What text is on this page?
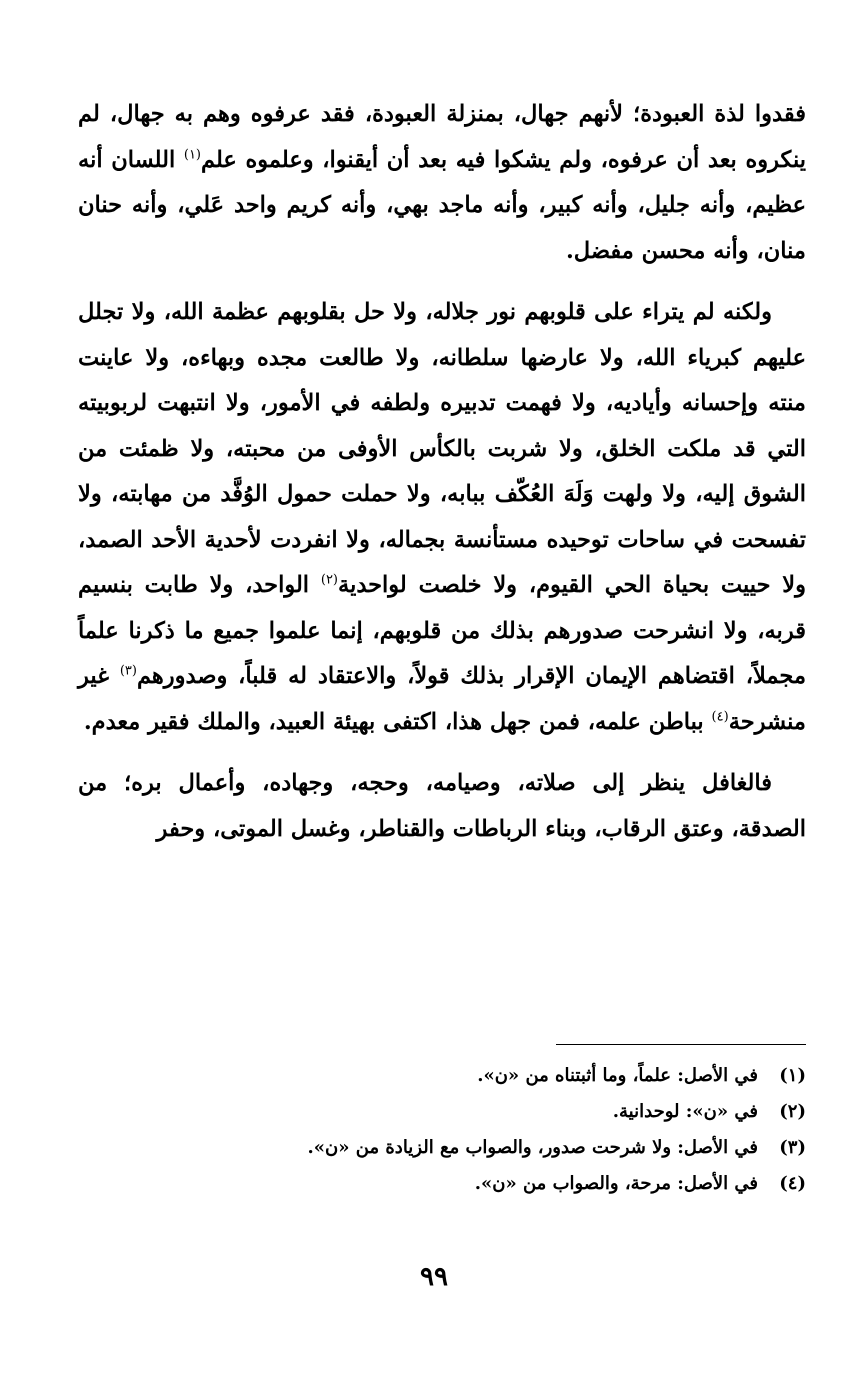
فقدوا لذة العبودة؛ لأنهم جهال، بمنزلة العبودة، فقد عرفوه وهم به جهال، لم ينكروه بعد أن عرفوه، ولم يشكوا فيه بعد أن أيقنوا، وعلموه علم$^{(١)}$ اللسان أنه عظيم، وأنه جليل، وأنه كبير، وأنه ماجد بهي، وأنه كريم واحد عَلي، وأنه حنان منان، وأنه محسن مفضل.

ولكنه لم يتراء على قلوبهم نور جلاله، ولا حل بقلوبهم عظمة الله، ولا تجلل عليهم كبرياء الله، ولا عارضها سلطانه، ولا طالعت مجده وبهاءه، ولا عاينت منته وإحسانه وأياديه، ولا فهمت تدبيره ولطفه في الأمور، ولا انتبهت لربوبيته التي قد ملكت الخلق، ولا شربت بالكأس الأوفى من محبته، ولا ظمئت من الشوق إليه، ولا ولهت وَلَهَ العُكّف ببابه، ولا حملت حمول الوُفَّد من مهابته، ولا تفسحت في ساحات توحيده مستأنسة بجماله، ولا انفردت لأحدية الأحد الصمد، ولا حييت بحياة الحي القيوم، ولا خلصت لواحدية$^{(٢)}$ الواحد، ولا طابت بنسيم قربه، ولا انشرحت صدورهم بذلك من قلوبهم، إنما علموا جميع ما ذكرنا علماً مجملاً، اقتضاهم الإيمان الإقرار بذلك قولاً، والاعتقاد له قلباً، وصدورهم$^{(٣)}$ غير منشرحة$^{(٤)}$ بباطن علمه، فمن جهل هذا، اكتفى بهيئة العبيد، والملك فقير معدم.

فالغافل ينظر إلى صلاته، وصيامه، وحجه، وجهاده، وأعمال بره؛ من الصدقة، وعتق الرقاب، وبناء الرباطات والقناطر، وغسل الموتى، وحفر

(١)
في الأصل: علماً، وما أثبتناه من «ن».
(٢)
في «ن»: لوحدانية.
(٣)
في الأصل: ولا شرحت صدور، والصواب مع الزيادة من «ن».
(٤)
في الأصل: مرحة، والصواب من «ن».
٩٩
